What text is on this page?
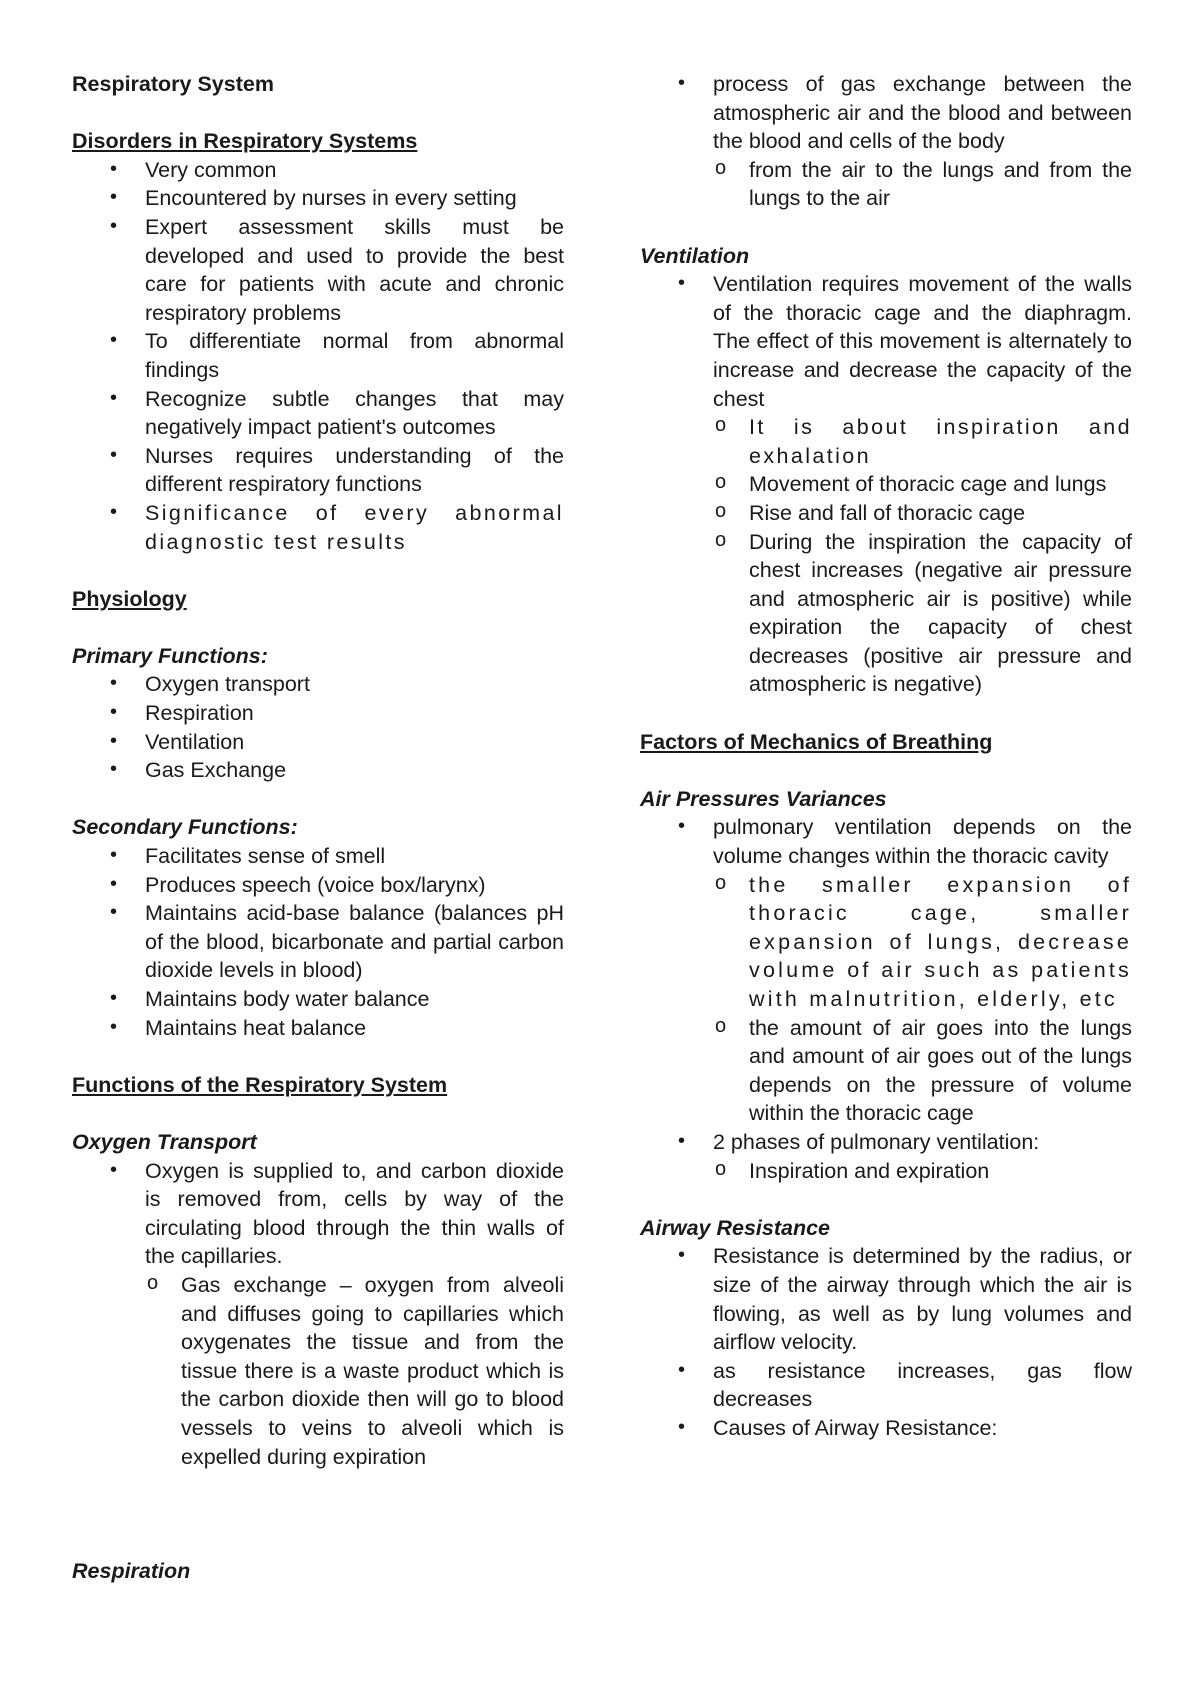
Respiratory System

Disorders in Respiratory Systems

• Very common
• Encountered by nurses in every setting
• Expert assessment skills must be developed and used to provide the best care for patients with acute and chronic respiratory problems
• To differentiate normal from abnormal findings
• Recognize subtle changes that may negatively impact patient's outcomes
• Nurses requires understanding of the different respiratory functions
• Significance of every abnormal diagnostic test results

Physiology

Primary Functions:

• Oxygen transport
• Respiration
• Ventilation
• Gas Exchange

Secondary Functions:

• Facilitates sense of smell
• Produces speech (voice box/larynx)
• Maintains acid-base balance (balances pH of the blood, bicarbonate and partial carbon dioxide levels in blood)
• Maintains body water balance
• Maintains heat balance

Functions of the Respiratory System

Oxygen Transport

• Oxygen is supplied to, and carbon dioxide is removed from, cells by way of the circulating blood through the thin walls of the capillaries.
o Gas exchange – oxygen from alveoli and diffuses going to capillaries which oxygenates the tissue and from the tissue there is a waste product which is the carbon dioxide then will go to blood vessels to veins to alveoli which is expelled during expiration

Respiration

• process of gas exchange between the atmospheric air and the blood and between the blood and cells of the body
o from the air to the lungs and from the lungs to the air

Ventilation

• Ventilation requires movement of the walls of the thoracic cage and the diaphragm. The effect of this movement is alternately to increase and decrease the capacity of the chest
o It is about inspiration and exhalation
o Movement of thoracic cage and lungs
o Rise and fall of thoracic cage
o During the inspiration the capacity of chest increases (negative air pressure and atmospheric air is positive) while expiration the capacity of chest decreases (positive air pressure and atmospheric is negative)

Factors of Mechanics of Breathing

Air Pressures Variances

• pulmonary ventilation depends on the volume changes within the thoracic cavity
o the smaller expansion of thoracic cage, smaller expansion of lungs, decrease volume of air such as patients with malnutrition, elderly, etc
o the amount of air goes into the lungs and amount of air goes out of the lungs depends on the pressure of volume within the thoracic cage
• 2 phases of pulmonary ventilation:
o Inspiration and expiration

Airway Resistance

• Resistance is determined by the radius, or size of the airway through which the air is flowing, as well as by lung volumes and airflow velocity.
• as resistance increases, gas flow decreases
• Causes of Airway Resistance:
